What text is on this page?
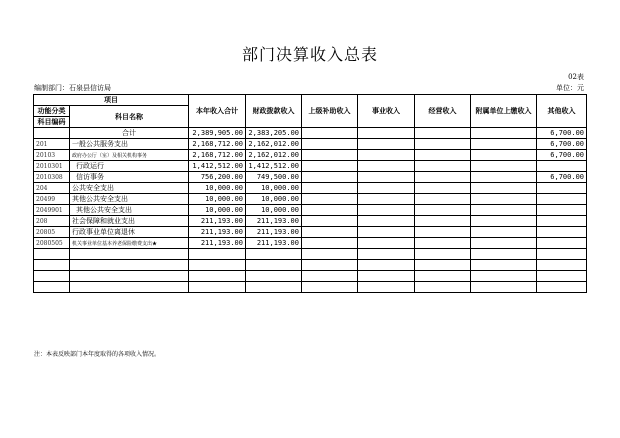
部门决算收入总表
02表
编制部门：石泉县信访局	单位：元
项目		本年收入合计	财政拨款收入	上级补助收入	事业收入	经营收入	附属单位上缴收入	其他收入
功能分类	科目名称							
科目编码								
	合计	2,389,905.00	2,383,205.00					6,700.00
201	一般公共服务支出	2,168,712.00	2,162,012.00					6,700.00
20103	政府办公厅（室）及相关机构事务	2,168,712.00	2,162,012.00					6,700.00
2010301	行政运行	1,412,512.00	1,412,512.00					
2010308	信访事务	756,200.00	749,500.00					6,700.00
204	公共安全支出	10,000.00	10,000.00					
20499	其他公共安全支出	10,000.00	10,000.00					
2049901	其他公共安全支出	10,000.00	10,000.00					
208	社会保障和就业支出	211,193.00	211,193.00					
20805	行政事业单位离退休	211,193.00	211,193.00					
2080505	机关事业单位基本养老保险缴费支出★	211,193.00	211,193.00					

注：本表反映部门本年度取得的各项收入情况。
